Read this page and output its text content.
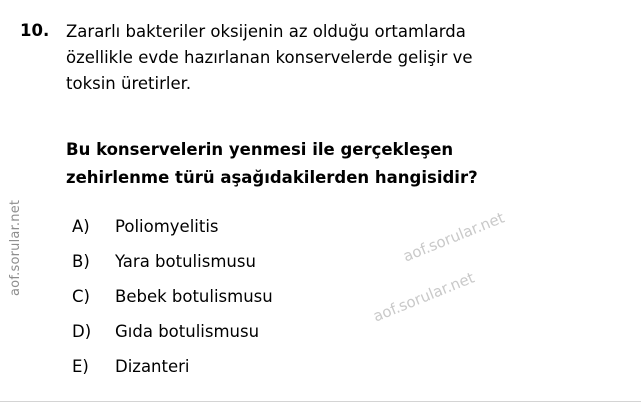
10. Zararlı bakteriler oksijenin az olduğu ortamlarda
özellikle evde hazırlanan konservelerde gelişir ve
toksin üretirler.
Bu konservelerin yenmesi ile gerçekleşen
zehirlenme türü aşağıdakilerden hangisidir?
A)	Poliomyelitis
B)	Yara botulismusu
C)	Bebek botulismusu
D)	Gıda botulismusu
E)	Dizanteri
aof.sorular.net	aof.sorular.net
aof.sorular.net
